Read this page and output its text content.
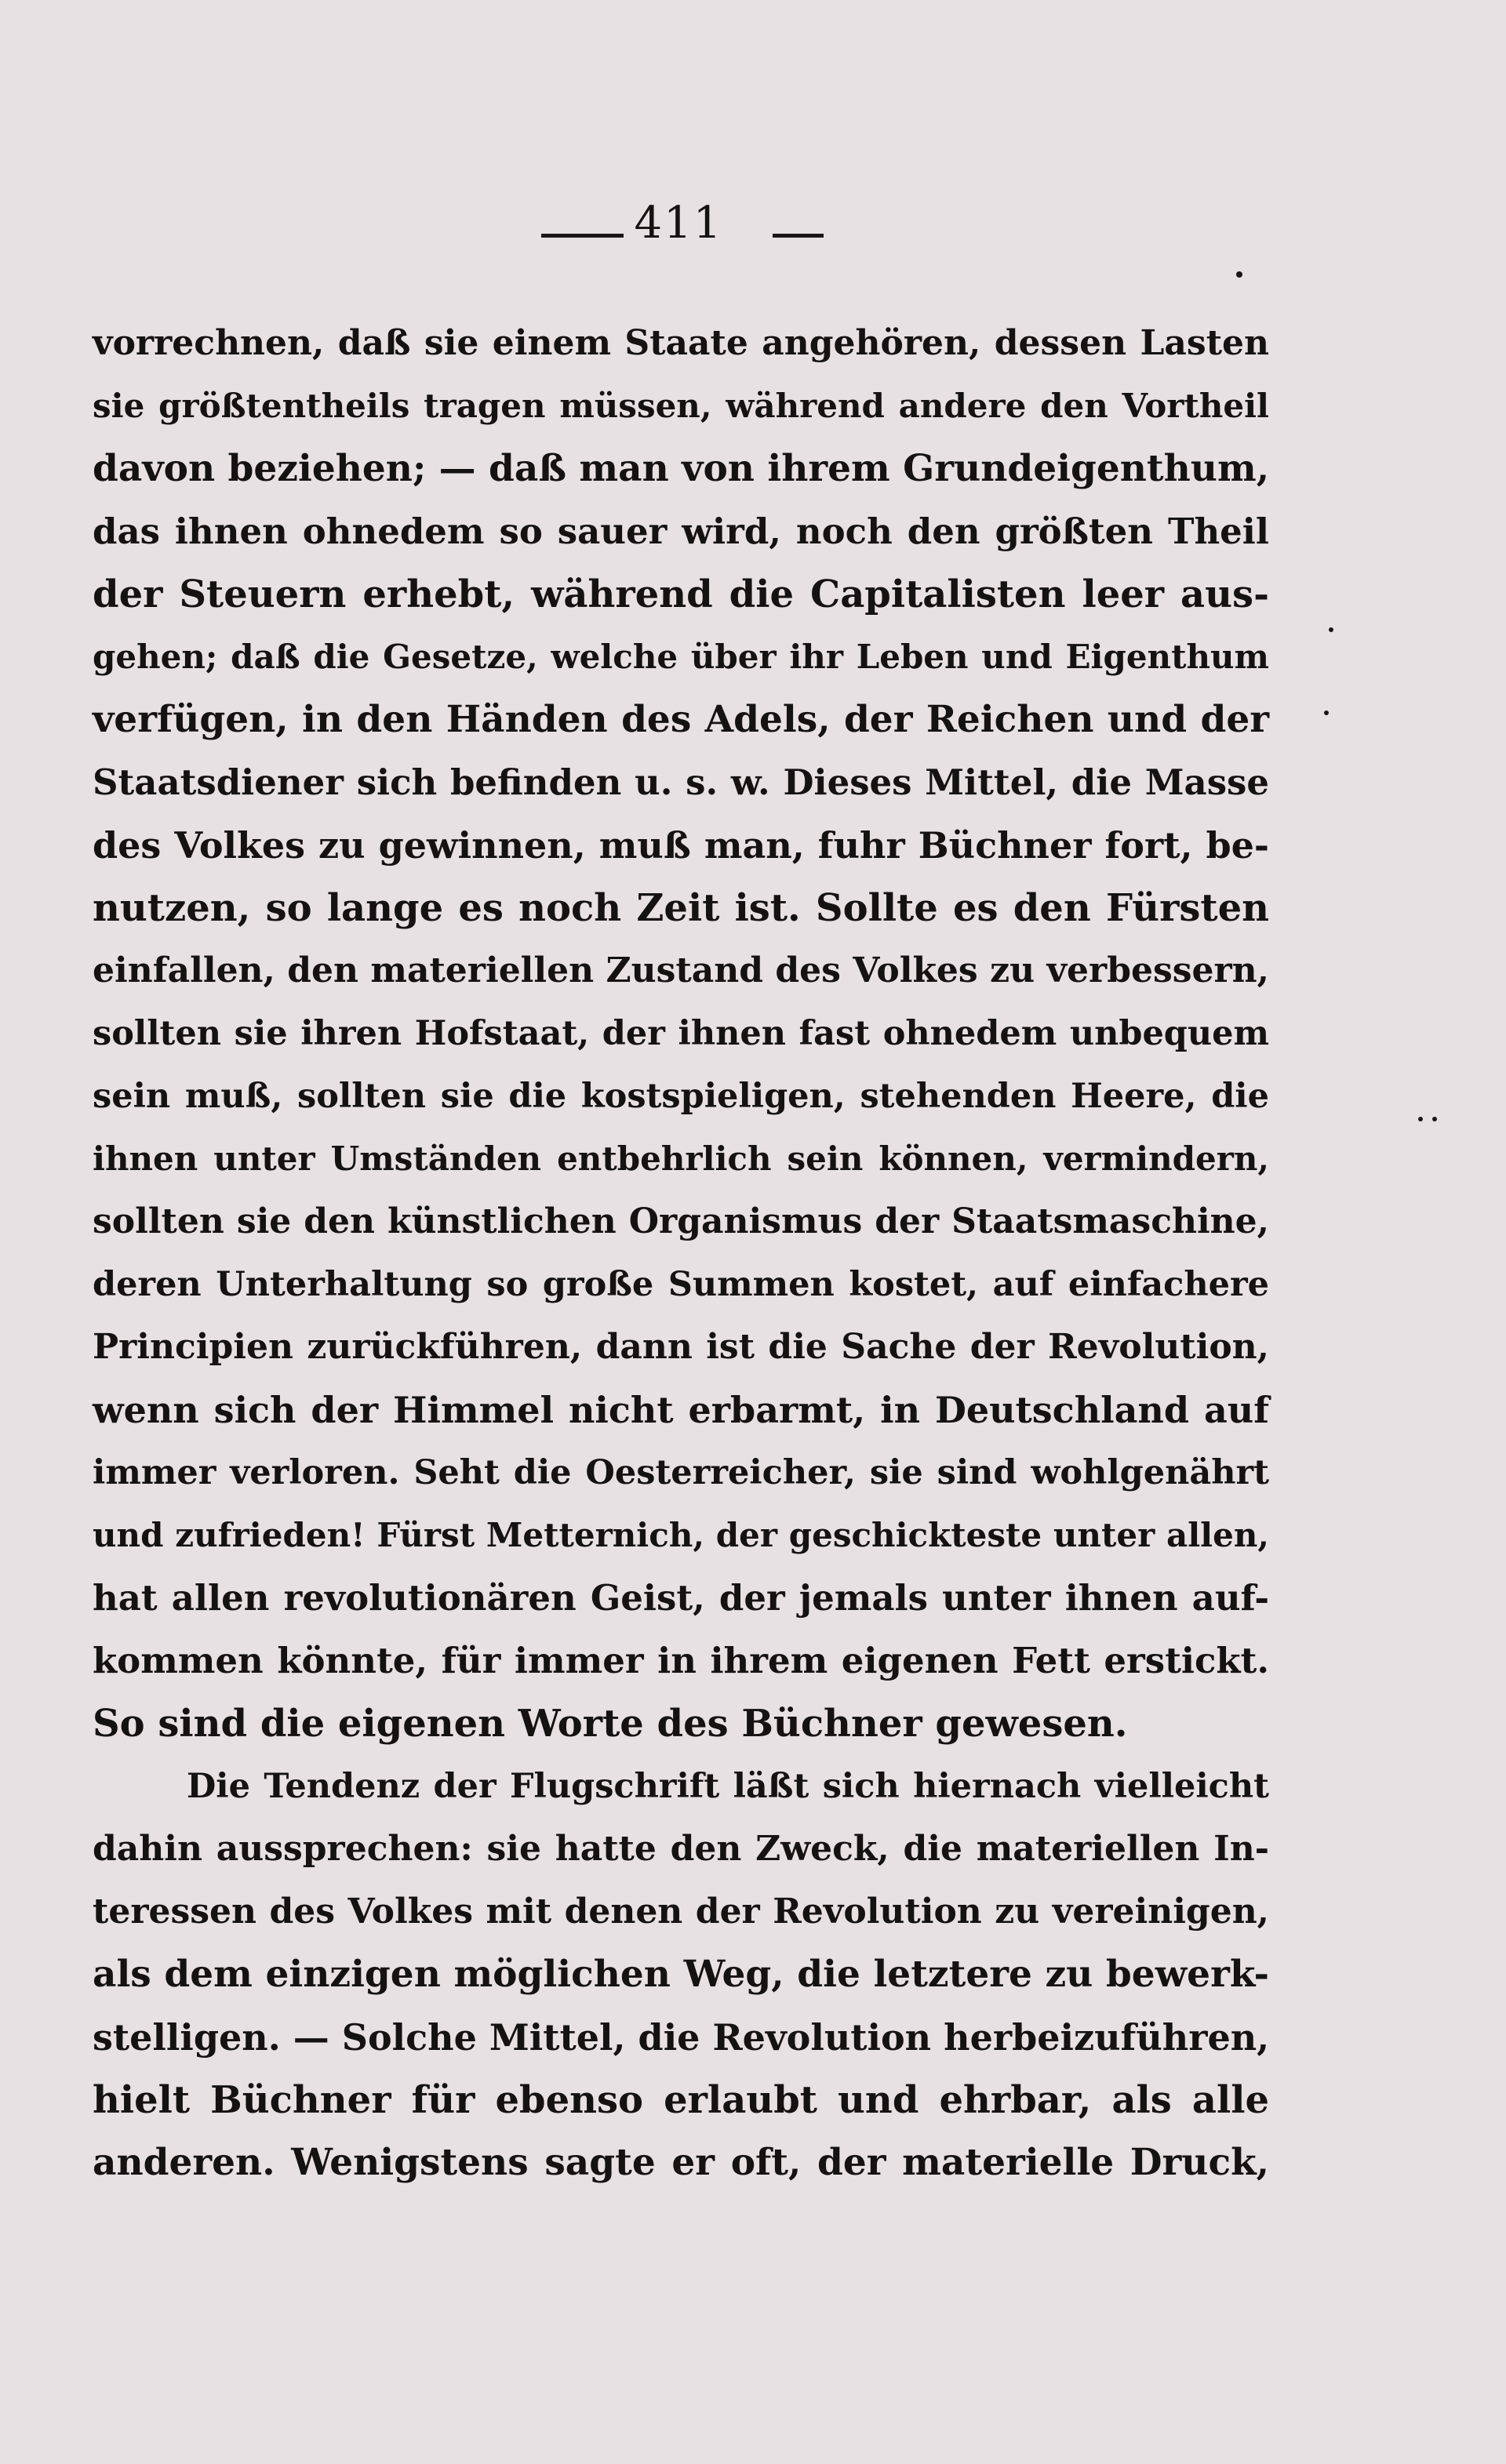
411
vorrechnen, daß sie einem Staate angehören, dessen Lasten
sie größtentheils tragen müssen, während andere den Vortheil
davon beziehen; — daß man von ihrem Grundeigenthum,
das ihnen ohnedem so sauer wird, noch den größten Theil
der Steuern erhebt, während die Capitalisten leer aus-
gehen; daß die Gesetze, welche über ihr Leben und Eigenthum
verfügen, in den Händen des Adels, der Reichen und der
Staatsdiener sich befinden u. s. w. Dieses Mittel, die Masse
des Volkes zu gewinnen, muß man, fuhr Büchner fort, be-
nutzen, so lange es noch Zeit ist. Sollte es den Fürsten
einfallen, den materiellen Zustand des Volkes zu verbessern,
sollten sie ihren Hofstaat, der ihnen fast ohnedem unbequem
sein muß, sollten sie die kostspieligen, stehenden Heere, die
ihnen unter Umständen entbehrlich sein können, vermindern,
sollten sie den künstlichen Organismus der Staatsmaschine,
deren Unterhaltung so große Summen kostet, auf einfachere
Principien zurückführen, dann ist die Sache der Revolution,
wenn sich der Himmel nicht erbarmt, in Deutschland auf
immer verloren. Seht die Oesterreicher, sie sind wohlgenährt
und zufrieden! Fürst Metternich, der geschickteste unter allen,
hat allen revolutionären Geist, der jemals unter ihnen auf-
kommen könnte, für immer in ihrem eigenen Fett erstickt.
So sind die eigenen Worte des Büchner gewesen.
Die Tendenz der Flugschrift läßt sich hiernach vielleicht
dahin aussprechen: sie hatte den Zweck, die materiellen In-
teressen des Volkes mit denen der Revolution zu vereinigen,
als dem einzigen möglichen Weg, die letztere zu bewerk-
stelligen. — Solche Mittel, die Revolution herbeizuführen,
hielt Büchner für ebenso erlaubt und ehrbar, als alle
anderen. Wenigstens sagte er oft, der materielle Druck,
